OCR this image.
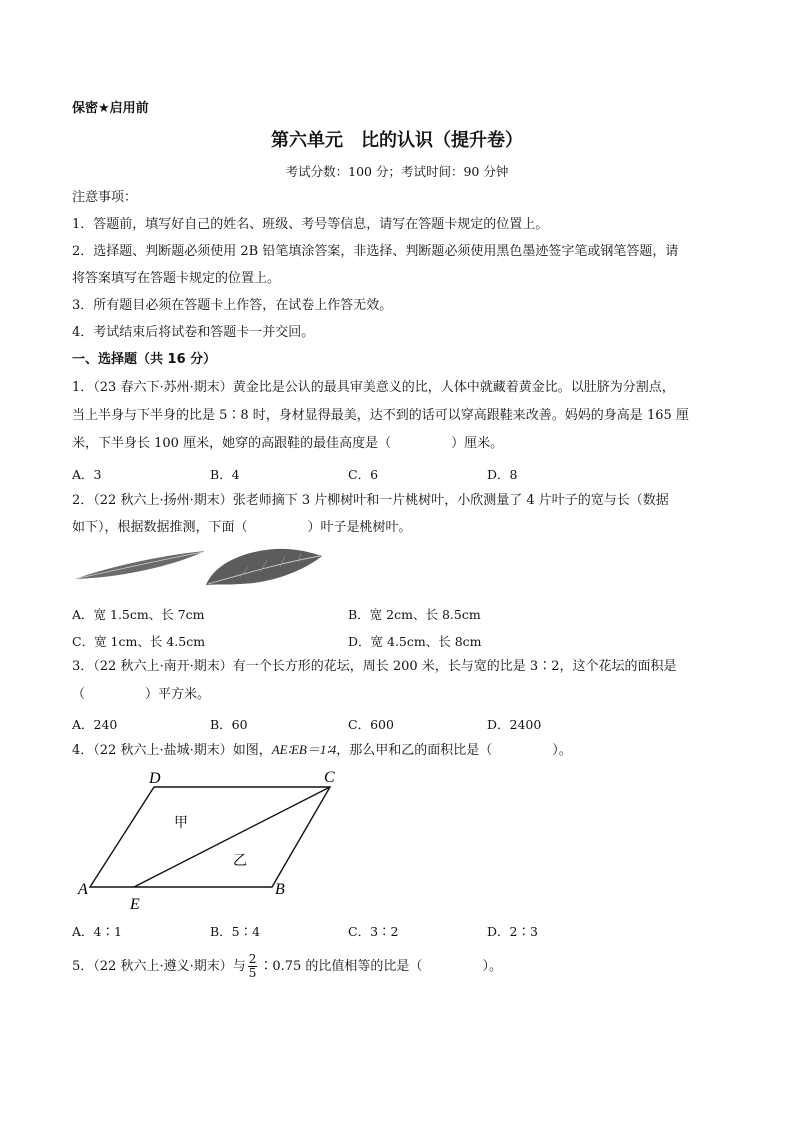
保密★启用前
第六单元　比的认识（提升卷）
考试分数：100 分；考试时间：90 分钟
注意事项：
1．答题前，填写好自己的姓名、班级、考号等信息，请写在答题卡规定的位置上。
2．选择题、判断题必须使用 2B 铅笔填涂答案，非选择、判断题必须使用黑色墨迹签字笔或钢笔答题，请
将答案填写在答题卡规定的位置上。
3．所有题目必须在答题卡上作答，在试卷上作答无效。
4．考试结束后将试卷和答题卡一并交回。
一、选择题（共 16 分）
1．（23 春六下·苏州·期末）黄金比是公认的最具审美意义的比，人体中就藏着黄金比。以肚脐为分割点，
当上半身与下半身的比是 5∶8 时，身材显得最美，达不到的话可以穿高跟鞋来改善。妈妈的身高是 165 厘
米，下半身长 100 厘米，她穿的高跟鞋的最佳高度是（	）厘米。
A．3	B．4	C．6	D．8
2．（22 秋六上·扬州·期末）张老师摘下 3 片柳树叶和一片桃树叶，小欣测量了 4 片叶子的宽与长（数据
如下），根据数据推测，下面（	）叶子是桃树叶。
A．宽 1.5cm、长 7cm	B．宽 2cm、长 8.5cm
C．宽 1cm、长 4.5cm	D．宽 4.5cm、长 8cm
3．（22 秋六上·南开·期末）有一个长方形的花坛，周长 200 米，长与宽的比是 3∶2，这个花坛的面积是
（	）平方米。
A．240	B．60	C．600	D．2400
4．（22 秋六上·盐城·期末）如图，AE∶EB＝1∶4，那么甲和乙的面积比是（	）。
A	B
C
D
E
甲
乙
A．4∶1	B．5∶4	C．3∶2	D．2∶3
5．（22 秋六上·遵义·期末）与 $\frac{2}{5}$ ∶0.75 的比值相等的比是（	）。
